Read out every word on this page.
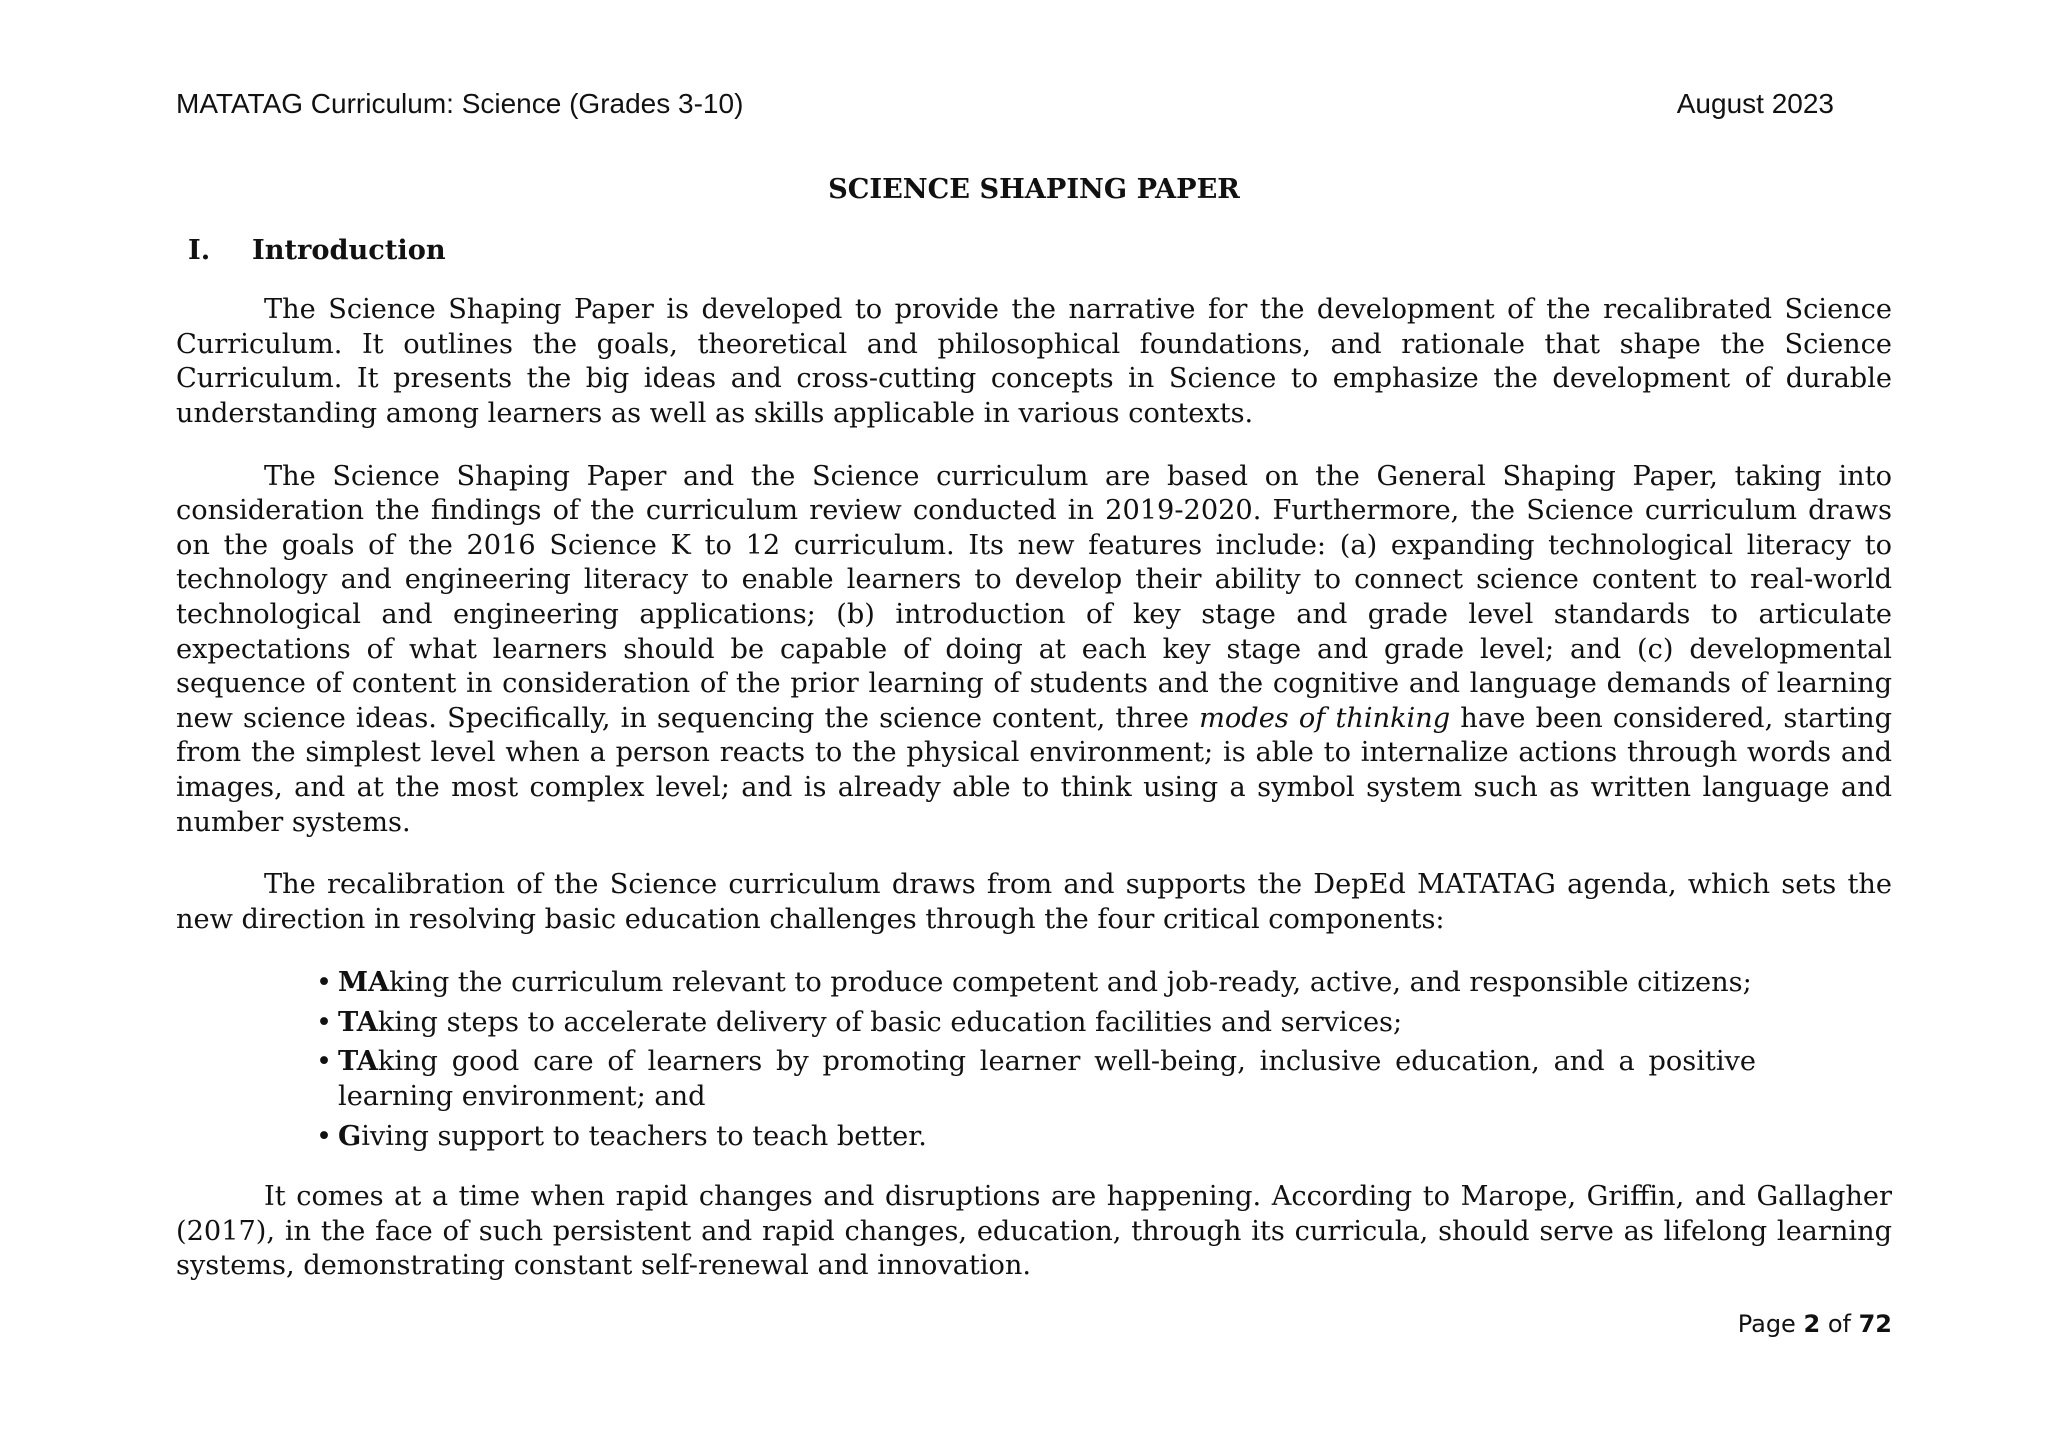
MATATAG Curriculum: Science (Grades 3-10)	August 2023
SCIENCE SHAPING PAPER
I.	Introduction

The Science Shaping Paper is developed to provide the narrative for the development of the recalibrated Science Curriculum. It outlines the goals, theoretical and philosophical foundations, and rationale that shape the Science Curriculum. It presents the big ideas and cross-cutting concepts in Science to emphasize the development of durable understanding among learners as well as skills applicable in various contexts.

The Science Shaping Paper and the Science curriculum are based on the General Shaping Paper, taking into consideration the findings of the curriculum review conducted in 2019-2020. Furthermore, the Science curriculum draws on the goals of the 2016 Science K to 12 curriculum. Its new features include: (a) expanding technological literacy to technology and engineering literacy to enable learners to develop their ability to connect science content to real-world technological and engineering applications; (b) introduction of key stage and grade level standards to articulate expectations of what learners should be capable of doing at each key stage and grade level; and (c) developmental sequence of content in consideration of the prior learning of students and the cognitive and language demands of learning new science ideas. Specifically, in sequencing the science content, three modes of thinking have been considered, starting from the simplest level when a person reacts to the physical environment; is able to internalize actions through words and images, and at the most complex level; and is already able to think using a symbol system such as written language and number systems.

The recalibration of the Science curriculum draws from and supports the DepEd MATATAG agenda, which sets the new direction in resolving basic education challenges through the four critical components:

• MAking the curriculum relevant to produce competent and job-ready, active, and responsible citizens;
• TAking steps to accelerate delivery of basic education facilities and services;
• TAking good care of learners by promoting learner well-being, inclusive education, and a positive learning environment; and
• Giving support to teachers to teach better.

It comes at a time when rapid changes and disruptions are happening. According to Marope, Griffin, and Gallagher (2017), in the face of such persistent and rapid changes, education, through its curricula, should serve as lifelong learning systems, demonstrating constant self-renewal and innovation.

Page 2 of 72
